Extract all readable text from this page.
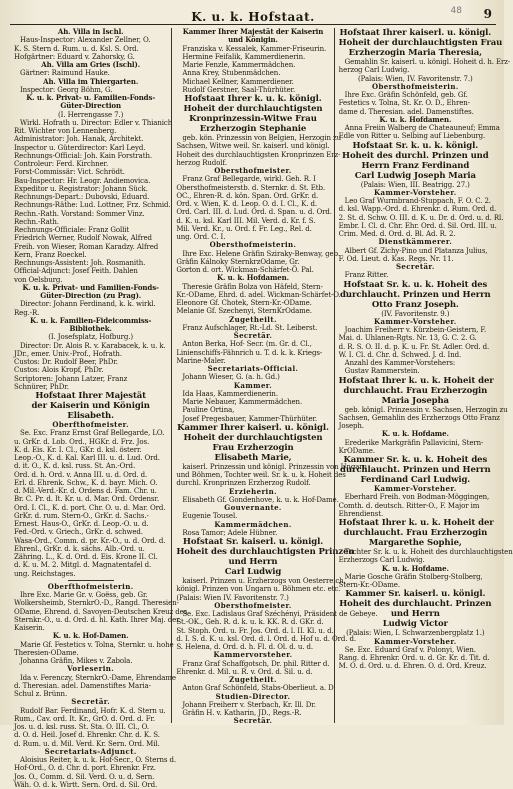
K. u. k. Hofstaat.	48 9
Ah. Villa in Ischl.
Haus-Inspector: Alexander Zellner, O.
K. S. Stern d. Rum. u. d. Ksl. S. Ord.
Hofgärtner: Eduard v. Zahorsky, G.
Ah. Villa am Gries (Ischl).
Gärtner: Raimund Hauke.
Ah. Villa im Thiergarten.
Inspector: Georg Böhm, G.
K. u. k. Privat- u. Familien-Fonds-
Güter-Direction
(I. Herrengasse 7.)
Wirkl. Hofrath u. Director: Edler v. Thianich
Rit. Wichter von Lennenberg.
Administrator: Joh. Hanak, Architekt.
Inspector u. Güterdirector: Karl Leyd.
Rechnungs-Official: Joh. Kain Forstrath.
Controleur: Ferd. Kirchner.
Forst-Commissär: Vict. Schrödt.
Bau-Inspector: Hr. Leogr. Andiemovica.
Expeditor u. Registrator: Johann Sück.
Rechnungs-Depart.: Dubovski, Eduard.
Rechnungs-Räthe: Lud. Lottner, Frz. Schmid.
Rechn.-Rath. Vorstand: Sommer Vinz.
Rechn.-Rath.
Rechnungs-Officiale: Franz Gollit
Friedrich Werner, Rudolf Nowak, Alfred
Freih. von Wieser, Roman Karadzy. Alfred
Kern, Franz Roeckel.
Rechnungs-Assistent: Joh. Rosmanith.
Official-Adjunct: Josef Feith. Dahlen
von Oelsburg.
K. u. k. Privat- und Familien-Fonds-
Güter-Direction (zu Prag).
Director: Johann Ferdinand, k. k. wirkl.
Reg.-R.
K. u. k. Familien-Fideicommiss-
Bibliothek.
(I. Josefsplatz, Hofburg.)
Director: Dr. Alois R. v. Karabacek, k. u. k.
JDr., emer. Univ.-Prof., Hofrath.
Custos: Dr. Rudolf Beer, PhDr.
Custos: Alois Kropf, PhDr.
Scriptoren: Johann Latzer, Franz
Schnürer, PhDr.
Hofstaat Ihrer Majestät
der Kaiserin und Königin
Elisabeth.
Oberfthofmeister.
Se. Exc. Franz Ernst Graf Bellegarde, LO.
u. GrKr. d. Lob. Ord., HGKr. d. Frz. Jos.
K. d. Eis. Kr. I. Cl., GKr. d. ksl. österr.
Leop.-O., K. d. Kal. Karl III. u. d. Lud. Ord.
d. it. O., K. d. ksl. russ. St. An.-Ord.
Ord. d. h. Ord. v. Anna III. u. d. Ord. d.
Erl. d. Ehrenk. Schw., K. d. bayr. Mich. O.
d. Mil.-Verd.-Kr. d. Ordens d. Fam. Chr. u.
Br. C. Pr. d. It. Kr. u. d. Mar. Ord. Ordensr.
Ord. I. Cl., K. d. port. Chr. O. u. d. Mar. Ord.
GrKr. d. rum. Stern-O., GrKr. d. Sachs.-
Ernest. Haus-O., GrKr. d. Leop.-O. u. d.
Fed.-Ord. v. Griech., GrKr. d. schwed.
Wasa-Ord., Comm. d. pr. Kr.-O., u. d. Ord. d.
Ehrenl., GrKr. d. k. sächs. Alb.-Ord. u.
Zähring. L., K. d. Ord. d. Eis. Krone II. Cl.
d. K. u. M. 2. Mitgl. d. Magnatentafel d.
ung. Reichstages.
Oberfthofmeisterin.
Ihre Exc. Marie Gr. v. Goëss, geb. Gr.
Wolkersheimb, SternkrO.-D., Rangd. Theresien-
ODame, Ehrend. d. Savoyen-Deutschen Kreuz des
Sternkr.-O., u. d. Ord. d. hl. Kath. Ihrer Maj. der
Kaiserin.
K. u. k. Hof-Damen.
Marie Gf. Festetics v. Tolna, Sternkr. u. hohe
Theresien-ODame.
Johanna Gräfin, Mikes v. Zabola.
Vorleserin.
Ida v. Ferenczy, SternkrO.-Dame, Ehrendame
d. Theresian. adel. Damenstiftes Maria-
Schul z. Brünn.
Secretär.
Rudolf Bar. Ferdinand, Hofr. K. d. Stern u.
Rum., Cav. ord. It. Kr., GrO. d. Ord. d. Fr.
Jos. u. d. ksl. russ. St. Sta. O. III. Cl., O.
d. O. d. Heil. Josef d. Ehrenkr. Chr. d. K. S.
d. Rum. u. d. Mil. Verd. Kr. Sern. Ord. Mil.
Secretariats-Adjunct.
Aloisius Reiter, k. u. k. Hof-Secr., O. Sterns d.
Hof-Ord., O. d. Chr. d. port. Ehrenkr. Frz.
Jos. O., Comm. d. Sil. Verd. O. u. d. Sern.
Wäh. O. d. k. Wirtt. Sern. Ord. d. Sil. Ord.
Kammer Ihrer Majestät der Kaiserin
und Königin.
Franziska v. Kessalek, Kammer-Friseurin.
Hermine Feifalik, Kammerdienerin.
Marie Fenzle, Kammermädchen.
Anna Krey, Stubenmädchen.
Michael Kellner, Kammerdiener.
Rudolf Gerstner, Saal-Thürhüter.
Hofstaat Ihrer k. u. k. königl.
Hoheit der durchlauchtigsten
Kronprinzessin-Witwe Frau
Erzherzogin Stephanie
geb. kön. Prinzessin von Belgien, Herzogin zu
Sachsen, Witwe weil. Sr. kaiserl. und königl.
Hoheit des durchlauchtigsten Kronprinzen Erz-
herzog Rudolf.
Obersthofmeister.
Franz Graf Bellegarde, wirkl. Geh. R. I
Obersthofmeisterstb. d. Sternkr. d. St. Etb.
OC., Ehren-R. d. kön. Span. Ord. GrKr. d.
Ord. v. Wien, K. d. Leop. O. d. I. Cl., K. d.
Ord. Carl. III. d. Lud. Ord. d. Span. u. d. Ord.
d. K. u. ksl. Karl III. Mil. Verd. d. Kr. f. S.
Mil. Verd. Kr., u. Ord. f. Fr. Leg., Rel. d.
ung. Ord. C. I.
Obersthofmeisterin.
Ihre Exc. Helene Gräfin Sziraky-Benway, geb.
Gräfin Kálnoky SternkrzOdame, Gr.
Gorton d. ort. Wickman-Schärfet-Ö. Pal.
K. u. k. Hofdamen.
Theresie Gräfin Bolza von Häfeld, Stern-
Kr.-ODame, Ehrd. d. adel. Wickman-Schärfet-O. D.
Eleonore Gf. Chotek, Stern-Kr.-ODame.
Melanie Gf. Szechenyi, SternKrOdame.
Zugetheilt.
Franz Aufschlager, Rt.-Ld. St. Leiberst.
Secretär.
Anton Berka, Hof- Secr. (m. Gr. d. Cl.,
Linienschiffs-Fähnrich u. T. d. k. k. Kriegs-
Marine-Maler.
Secretariats-Official.
Johann Wieser, G. (a. h. Gd.)
Kammer.
Ida Haas, Kammerdienerin.
Marie Nebauer, Kammermädchen.
Pauline Ortina,
Josef Pregesbauer, Kammer-Thürhüter.
Kammer Ihrer kaiserl. u. königl.
Hoheit der durchlauchtigsten
Frau Erzherzogin
Elisabeth Marie,
kaiserl. Prinzessin und königl. Prinzessin von Ungarn
und Böhmen, Tochter weil. Sr. k. u. k. Hoheit des
durchl. Kronprinzen Erzherzog Rudolf.
Erzieherin.
Elisabeth Gf. Gondenhove, k. u. k. Hof-Dame.
Gouvernante.
Eugenie Tousel.
Kammermädchen.
Rosa Tamor; Adele Hübner.
Hofstaat Sr. kaiserl. u. königl.
Hoheit des durchlauchtigsten Prinzen
und Herrn
Carl Ludwig
kaiserl. Prinzen u. Erzherzogs von Oesterreich,
königl. Prinzen von Ungarn u. Böhmen etc. etc.
(Palais: Wien IV. Favoritenstr. 7.)
Obersthofmeister.
Se. Exc. Ladislaus Graf Széchényi, Präsident de Gebeye.
St.-OK., Geh. R. d. k. u. k. KK. R. d. GKr. d.
St. Stoph. Ord. u. Fr. Jos. Ord. d. l. II. Kl. u. d.
d. I. S. d. K. u. ksl. Ord. d. l. Ord. d. Hof u. d. Ord. d.
S. Helena, d. Ord. d. h. Fl. d. Ol. d. u. d.
Kammervorsteher.
Franz Graf Schaffgotsch, Dr. phil. Ritter d.
Ehrenkr. d. Mil. u. R. v. Ord. d. Sil. u. d.
Zugetheilt.
Anton Graf Schönfeld, Stabs-Oberlieut. a. D.
Studien-Director.
Johann Freiherr v. Sterbach, Kr. Ill. Dr.
Gräfin H. v. Katharin, JD., Regs.-R.
Secretär.
Hofstaat Ihrer kaiserl. u. königl.
Hoheit der durchlauchtigsten Frau
Erzherzogin Maria Theresia,
Gemahlin Sr. kaiserl. u. königl. Hoheit d. h. Erz-
herzog Carl Ludwig.
(Palais: Wien, IV. Favoritenstr. 7.)
Obersthofmeisterin.
Ihre Exc. Gräfin Schönfeld, geb. Gf.
Festetics v. Tolna, St. Kr. O. D., Ehren-
dame d. Theresian. adel. Damenstiftes.
K. u. k. Hofdamen.
Anna Freiin Walberg de Chateauneuf; Emma
Edle von Ritter u. Selbing auf Liebenburg.
Hofstaat Sr. k. u. k. königl.
Hoheit des durchl. Prinzen und
Herrn Franz Ferdinand
Carl Ludwig Joseph Maria
(Palais: Wien, III. Beatrigg. 27.)
Kammer-Vorsteher.
Leo Graf Wurmbrand-Stuppach, F. O. C. 2.
d. ksl. Wapp.-Ord. d. Ehrenkr. d. Rum. Ord. d.
2. St. d. Schw. O. III. d. K. u. Dr. d. Ord. u. d. Rl.
Embr. I. Cl. d. Chr. Ehr. Ord. d. Sil. Ord. III. u.
Crim. Med. d. Ord. d. Bl. Ad. R. 2.
Dienstkämmerer.
Albert Gf. Zichy-Pino und Platanza Julius,
F. Od. Lieut. d. Kas. Regs. Nr. 11.
Secretär.
Franz Ritter.
Hofstaat Sr. k. u. k. Hoheit des
durchlaucht. Prinzen und Herrn
Otto Franz Joseph.
(IV. Favoritenstr. 9.)
Kammer-Vorsteher.
Joachim Freiherr v. Kürzbein-Geistern, F.
Mai. d. Uhlanen-Rgts. Nr. 13, G. C. 2. G.
d. R. S. O. II. d. p. K. u. Fr. St. Adler. Ord. d.
W. I. Cl. d. Chr. d. Schwed. J. d. Ind.
Anzahl des Kammer-Vorstehers:
Gustav Rammerstein.
Hofstaat Ihrer k. u. k. Hoheit der
durchlaucht. Frau Erzherzogin
Maria Josepha
geb. königl. Prinzessin v. Sachsen, Herzogin zu
Sachsen, Gemahlin des Erzherzogs Otto Franz
Joseph.
K. u. k. Hofdame.
Erederike Markgräfin Pallavicini, Stern-
KrODame.
Kammer Sr. k. u. k. Hoheit des
durchlaucht. Prinzen und Herrn
Ferdinand Carl Ludwig.
Kammer-Vorsteher.
Eberhard Freih. von Bodman-Möggingen,
Comth. d. deutsch. Ritter-O., F. Major im
Ehrendienst.
Hofstaat Ihrer k. u. k. Hoheit der
durchlaucht. Frau Erzherzogin
Margarethe Sophie,
Tochter Sr. k. u. k. Hoheit des durchlauchtigsten
Erzherzogs Carl Ludwig.
K. u. k. Hofdame.
Marie Gosche Gräfin Stolberg-Stolberg,
Stern-Kr.-ODame.
Kammer Sr. kaiserl. u. königl.
Hoheit des durchlaucht. Prinzen
und Herrn
Ludwig Victor
(Palais: Wien, I. Schwarzenbergplatz 1.)
Kammer-Vorsteher.
Se. Exc. Eduard Graf v. Polonyi, Wien.
Rang. d. Ehrenkr. Ord. u. d. Gr. Kr. d. Tit. d.
M. O. d. Ord. u. d. Ehren. O. d. Ord. Kreuz.
